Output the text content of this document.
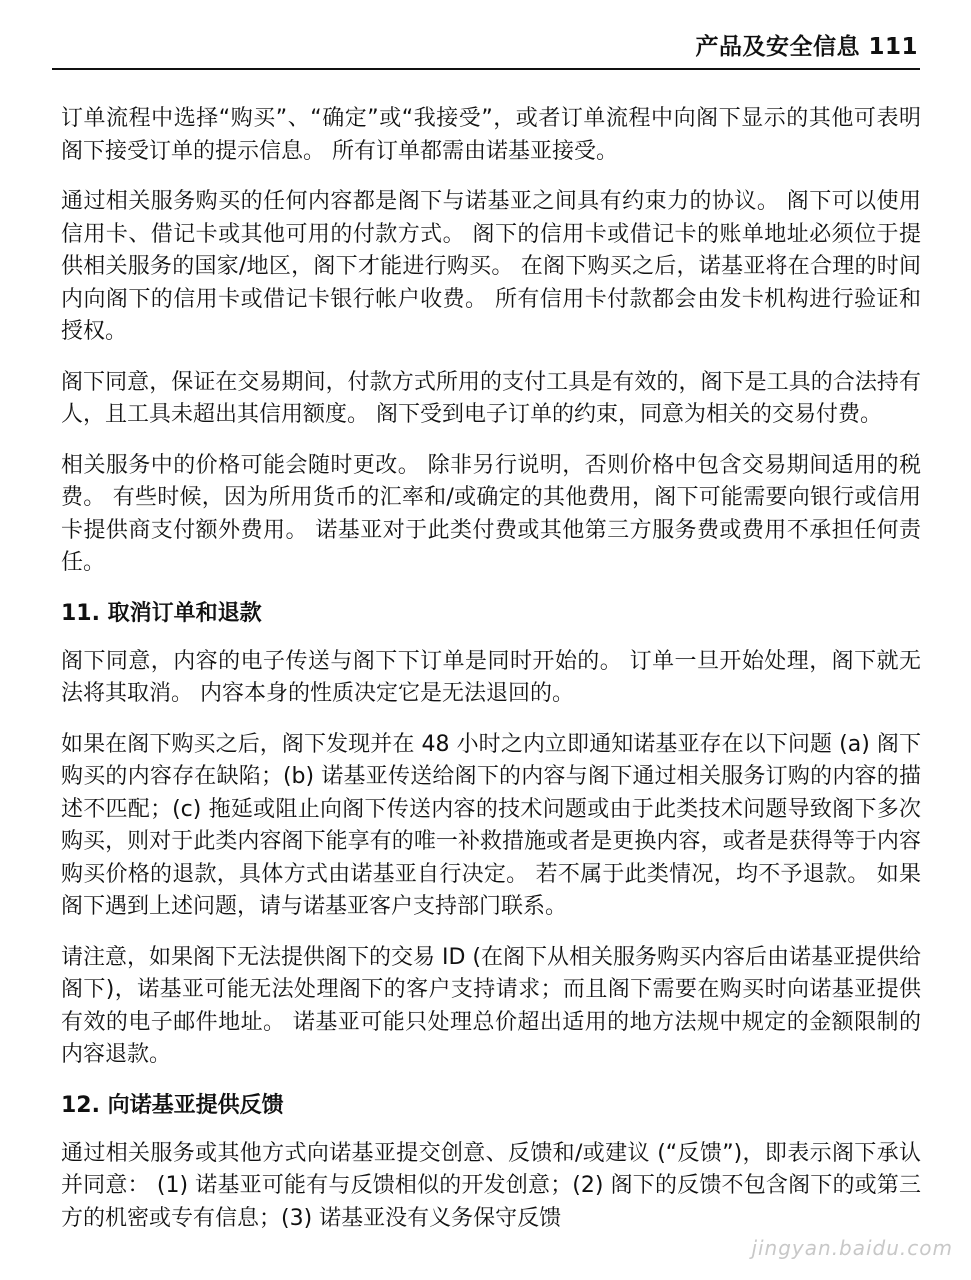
产品及安全信息 111

订单流程中选择“购买”、“确定”或“我接受”，或者订单流程中向阁下显示的其他可表明阁下接受订单的提示信息。 所有订单都需由诺基亚接受。

通过相关服务购买的任何内容都是阁下与诺基亚之间具有约束力的协议。 阁下可以使用信用卡、借记卡或其他可用的付款方式。 阁下的信用卡或借记卡的账单地址必须位于提供相关服务的国家/地区，阁下才能进行购买。 在阁下购买之后，诺基亚将在合理的时间内向阁下的信用卡或借记卡银行帐户收费。 所有信用卡付款都会由发卡机构进行验证和授权。

阁下同意，保证在交易期间，付款方式所用的支付工具是有效的，阁下是工具的合法持有人，且工具未超出其信用额度。 阁下受到电子订单的约束，同意为相关的交易付费。

相关服务中的价格可能会随时更改。 除非另行说明，否则价格中包含交易期间适用的税费。 有些时候，因为所用货币的汇率和/或确定的其他费用，阁下可能需要向银行或信用卡提供商支付额外费用。 诺基亚对于此类付费或其他第三方服务费或费用不承担任何责任。

11. 取消订单和退款

阁下同意，内容的电子传送与阁下下订单是同时开始的。 订单一旦开始处理，阁下就无法将其取消。 内容本身的性质决定它是无法退回的。

如果在阁下购买之后，阁下发现并在 48 小时之内立即通知诺基亚存在以下问题 (a) 阁下购买的内容存在缺陷；(b) 诺基亚传送给阁下的内容与阁下通过相关服务订购的内容的描述不匹配；(c) 拖延或阻止向阁下传送内容的技术问题或由于此类技术问题导致阁下多次购买，则对于此类内容阁下能享有的唯一补救措施或者是更换内容，或者是获得等于内容购买价格的退款，具体方式由诺基亚自行决定。 若不属于此类情况，均不予退款。 如果阁下遇到上述问题，请与诺基亚客户支持部门联系。

请注意，如果阁下无法提供阁下的交易 ID (在阁下从相关服务购买内容后由诺基亚提供给阁下)，诺基亚可能无法处理阁下的客户支持请求；而且阁下需要在购买时向诺基亚提供有效的电子邮件地址。 诺基亚可能只处理总价超出适用的地方法规中规定的金额限制的内容退款。

12. 向诺基亚提供反馈

通过相关服务或其他方式向诺基亚提交创意、反馈和/或建议 (“反馈”)，即表示阁下承认并同意： (1) 诺基亚可能有与反馈相似的开发创意；(2) 阁下的反馈不包含阁下的或第三方的机密或专有信息；(3) 诺基亚没有义务保守反馈

jingyan.baidu.com
